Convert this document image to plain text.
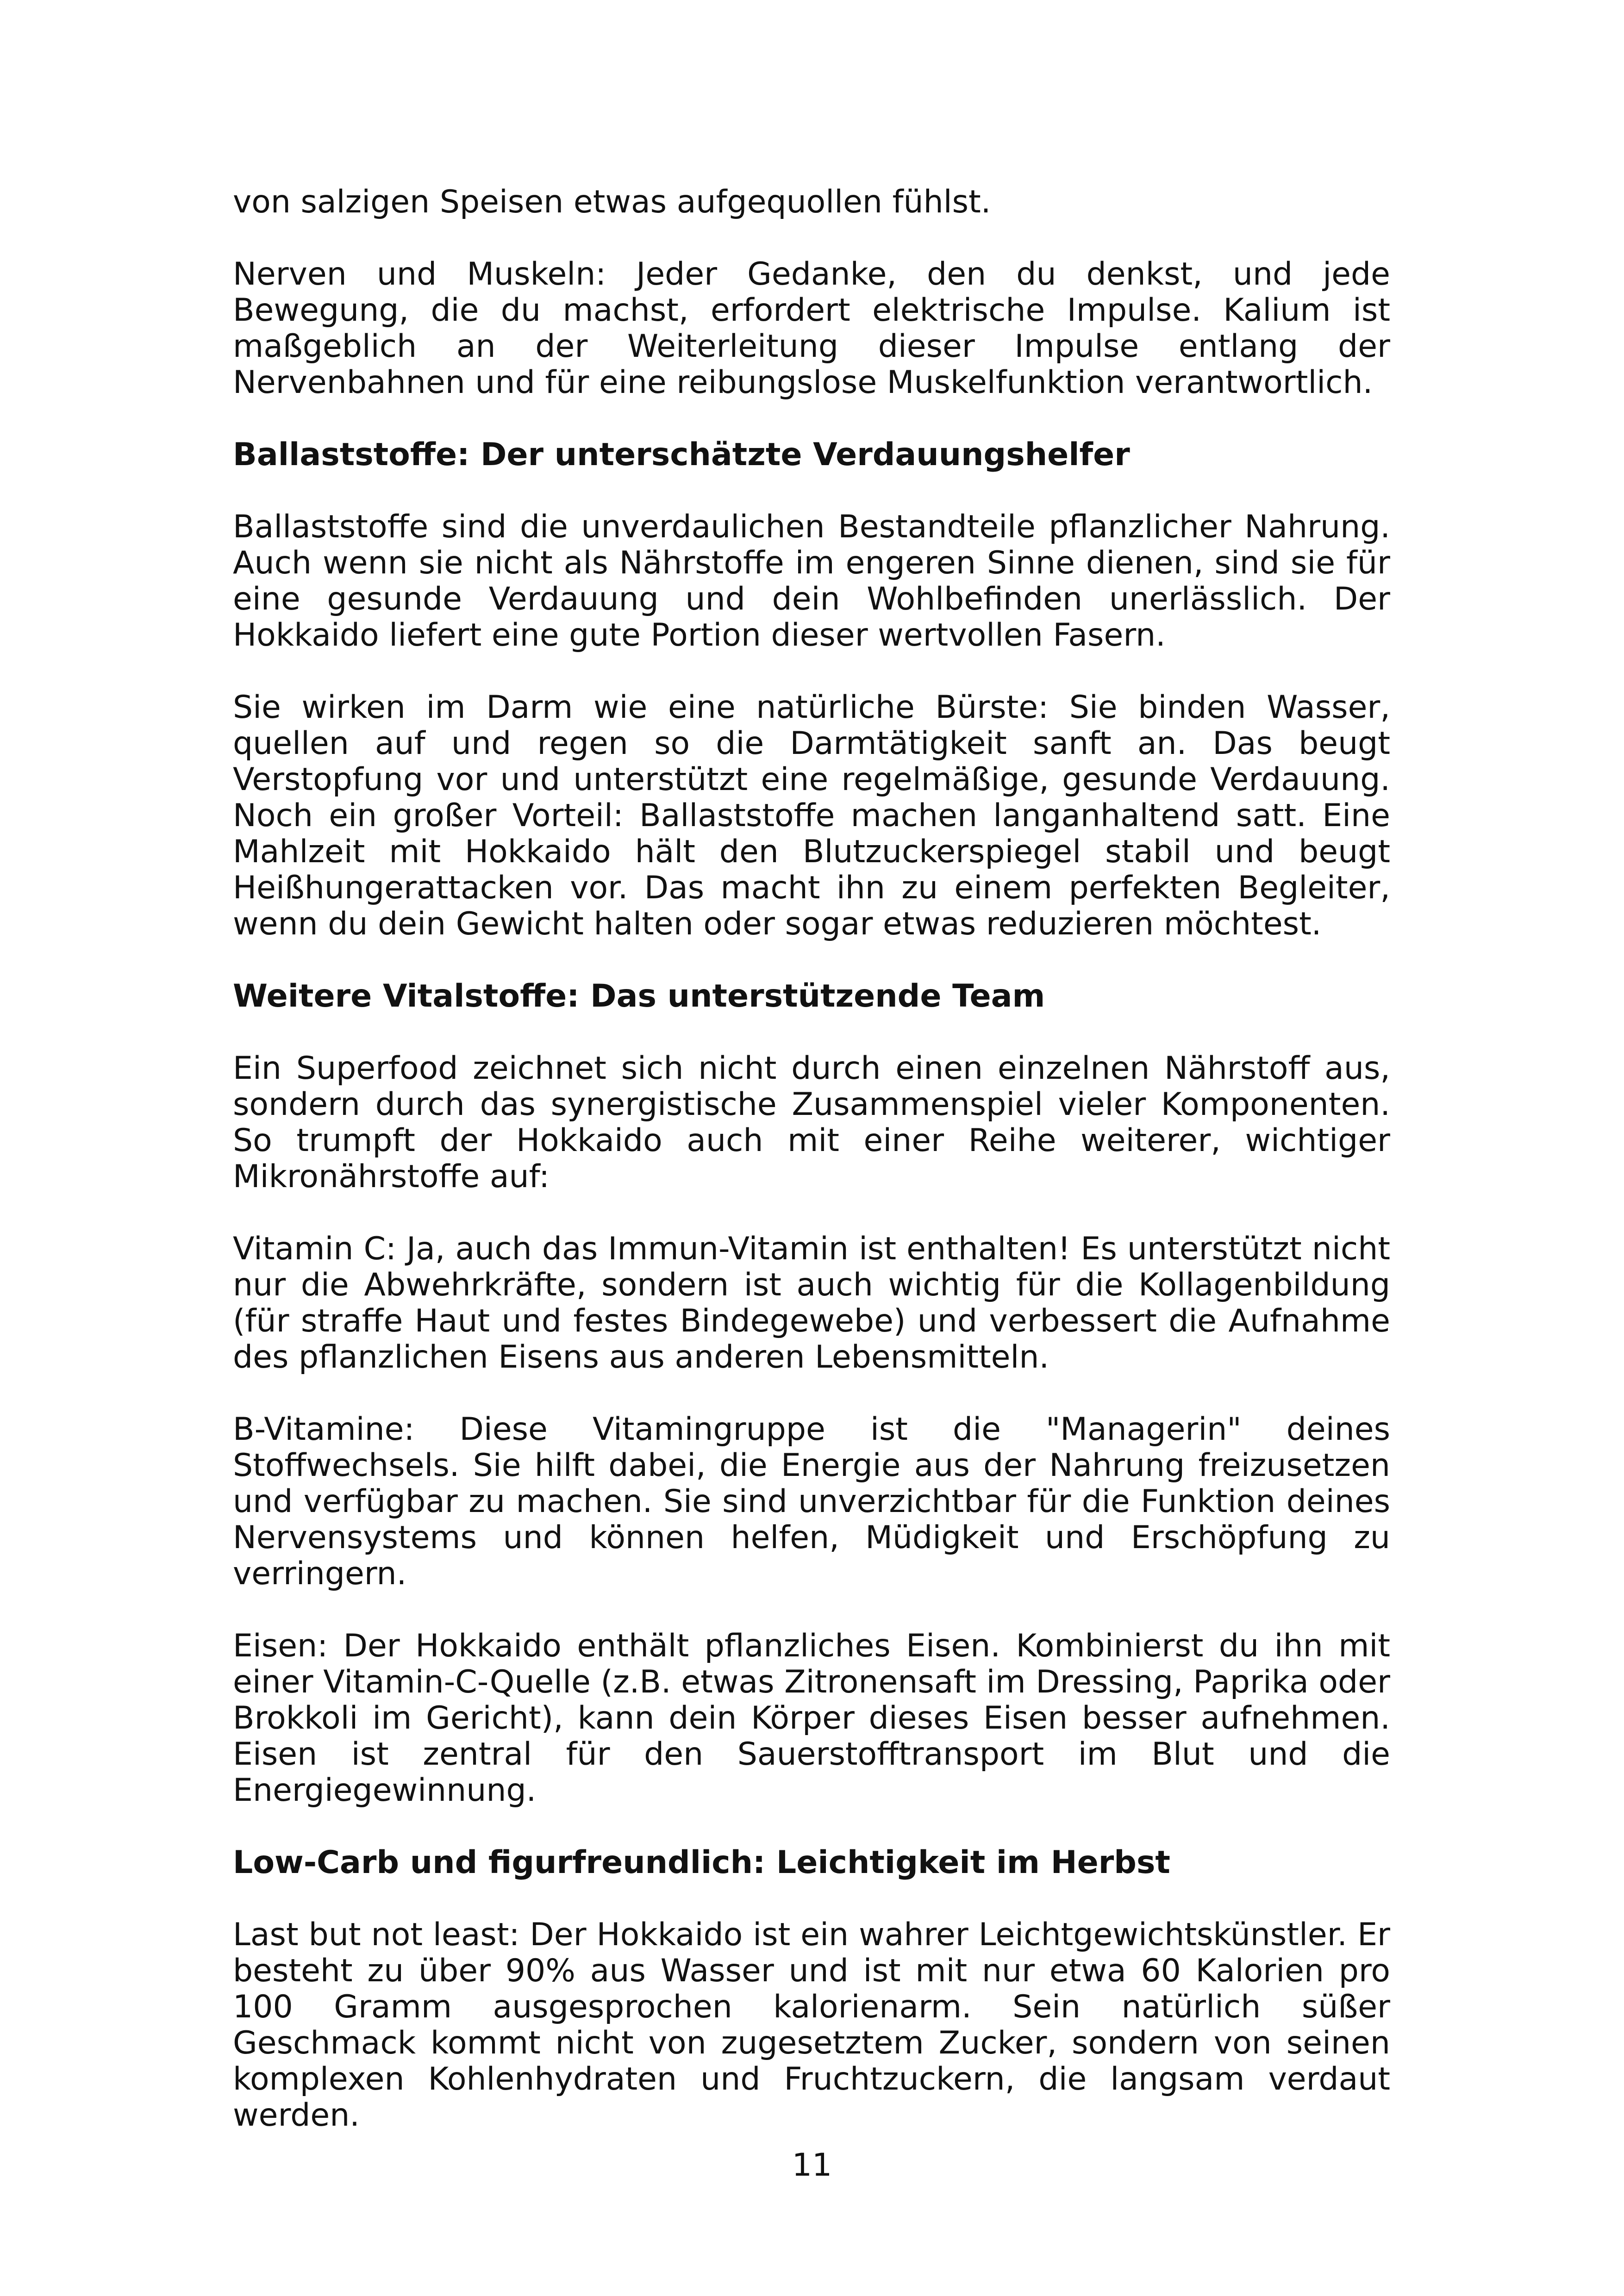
von salzigen Speisen etwas aufgequollen fühlst.

Nerven und Muskeln: Jeder Gedanke, den du denkst, und jede Bewegung, die du machst, erfordert elektrische Impulse. Kalium ist maßgeblich an der Weiterleitung dieser Impulse entlang der Nervenbahnen und für eine reibungslose Muskelfunktion verantwortlich.

Ballaststoffe: Der unterschätzte Verdauungshelfer

Ballaststoffe sind die unverdaulichen Bestandteile pflanzlicher Nahrung. Auch wenn sie nicht als Nährstoffe im engeren Sinne dienen, sind sie für eine gesunde Verdauung und dein Wohlbefinden unerlässlich. Der Hokkaido liefert eine gute Portion dieser wertvollen Fasern.

Sie wirken im Darm wie eine natürliche Bürste: Sie binden Wasser, quellen auf und regen so die Darmtätigkeit sanft an. Das beugt Verstopfung vor und unterstützt eine regelmäßige, gesunde Verdauung. Noch ein großer Vorteil: Ballaststoffe machen langanhaltend satt. Eine Mahlzeit mit Hokkaido hält den Blutzuckerspiegel stabil und beugt Heißhungerattacken vor. Das macht ihn zu einem perfekten Begleiter, wenn du dein Gewicht halten oder sogar etwas reduzieren möchtest.

Weitere Vitalstoffe: Das unterstützende Team

Ein Superfood zeichnet sich nicht durch einen einzelnen Nährstoff aus, sondern durch das synergistische Zusammenspiel vieler Komponenten. So trumpft der Hokkaido auch mit einer Reihe weiterer, wichtiger Mikronährstoffe auf:

Vitamin C: Ja, auch das Immun-Vitamin ist enthalten! Es unterstützt nicht nur die Abwehrkräfte, sondern ist auch wichtig für die Kollagenbildung (für straffe Haut und festes Bindegewebe) und verbessert die Aufnahme des pflanzlichen Eisens aus anderen Lebensmitteln.

B-Vitamine: Diese Vitamingruppe ist die "Managerin" deines Stoffwechsels. Sie hilft dabei, die Energie aus der Nahrung freizusetzen und verfügbar zu machen. Sie sind unverzichtbar für die Funktion deines Nervensystems und können helfen, Müdigkeit und Erschöpfung zu verringern.

Eisen: Der Hokkaido enthält pflanzliches Eisen. Kombinierst du ihn mit einer Vitamin-C-Quelle (z.B. etwas Zitronensaft im Dressing, Paprika oder Brokkoli im Gericht), kann dein Körper dieses Eisen besser aufnehmen. Eisen ist zentral für den Sauerstofftransport im Blut und die Energiegewinnung.

Low-Carb und figurfreundlich: Leichtigkeit im Herbst

Last but not least: Der Hokkaido ist ein wahrer Leichtgewichtskünstler. Er besteht zu über 90% aus Wasser und ist mit nur etwa 60 Kalorien pro 100 Gramm ausgesprochen kalorienarm. Sein natürlich süßer Geschmack kommt nicht von zugesetztem Zucker, sondern von seinen komplexen Kohlenhydraten und Fruchtzuckern, die langsam verdaut werden.

11
